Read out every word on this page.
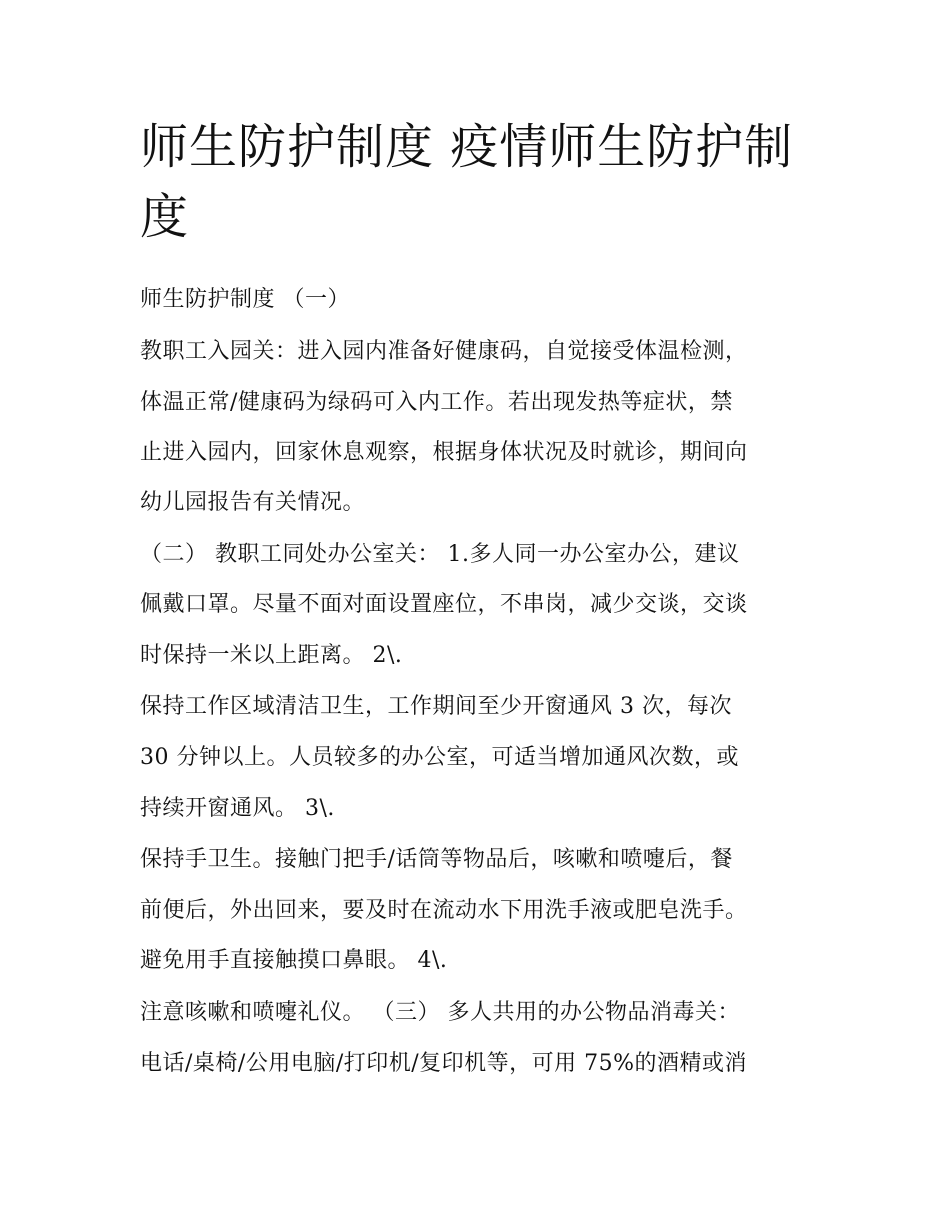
师生防护制度 疫情师生防护制度

师生防护制度 （一）

教职工入园关：进入园内准备好健康码，自觉接受体温检测，

体温正常/健康码为绿码可入内工作。若出现发热等症状，禁

止进入园内，回家休息观察，根据身体状况及时就诊，期间向

幼儿园报告有关情况。

（二） 教职工同处办公室关： 1.多人同一办公室办公，建议

佩戴口罩。尽量不面对面设置座位，不串岗，减少交谈，交谈

时保持一米以上距离。 2\.

保持工作区域清洁卫生，工作期间至少开窗通风 3 次，每次

30 分钟以上。人员较多的办公室，可适当增加通风次数，或

持续开窗通风。 3\.

保持手卫生。接触门把手/话筒等物品后，咳嗽和喷嚏后，餐

前便后，外出回来，要及时在流动水下用洗手液或肥皂洗手。

避免用手直接触摸口鼻眼。 4\.

注意咳嗽和喷嚏礼仪。 （三） 多人共用的办公物品消毒关：

电话/桌椅/公用电脑/打印机/复印机等，可用 75%的酒精或消
